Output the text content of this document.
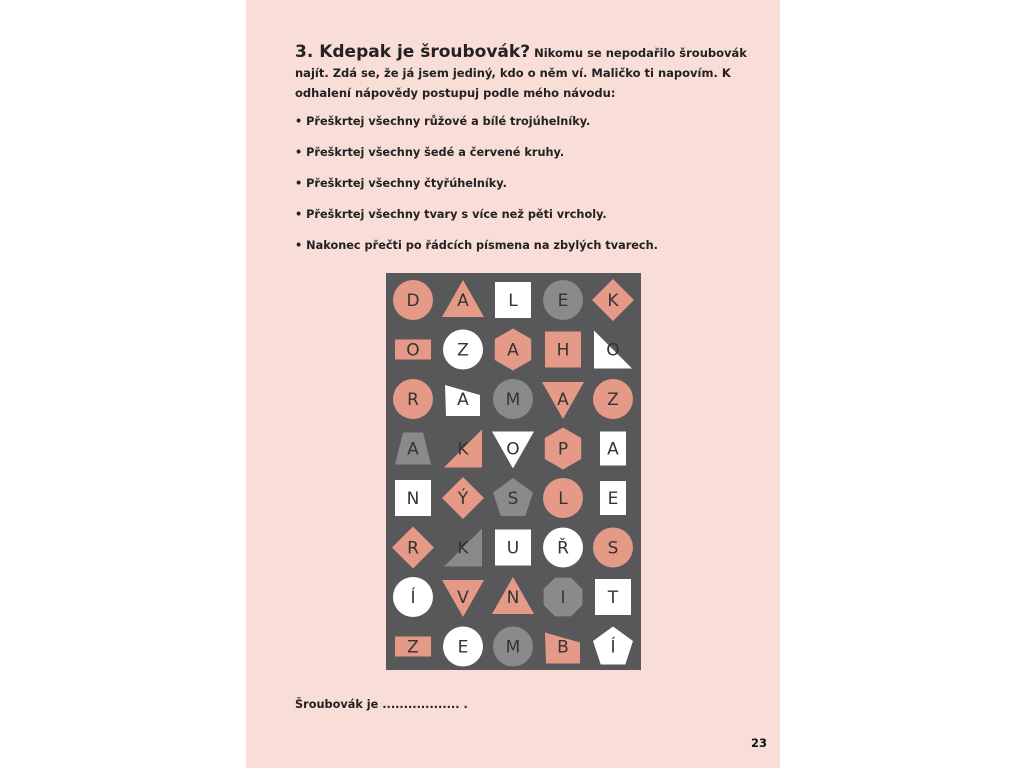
3. Kdepak je šroubovák? Nikomu se nepodařilo šroubovák najít. Zdá se, že já jsem jediný, kdo o něm ví. Maličko ti napovím. K odhalení nápovědy postupuj podle mého návodu:
• Přeškrtej všechny růžové a bílé trojúhelníky.
• Přeškrtej všechny šedé a červené kruhy.
• Přeškrtej všechny čtyřúhelníky.
• Přeškrtej všechny tvary s více než pěti vrcholy.
• Nakonec přečti po řádcích písmena na zbylých tvarech.
D A L E K
O Z A H O
R A M A Z
A K O P A
N Ý S L E
R K U Ř S
Í V N I T
Z E M B Í
Šroubovák je .................. .
23
